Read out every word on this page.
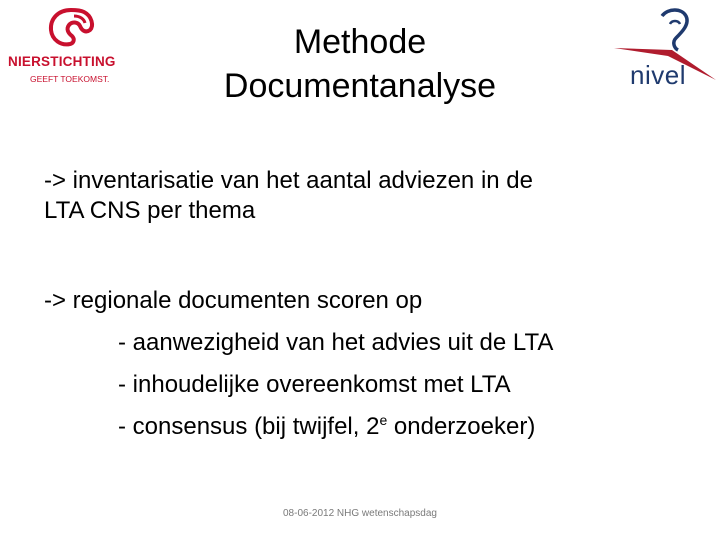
NIERSTICHTING
GEEFT TOEKOMST.	nivel
Methode
Documentanalyse
-> inventarisatie van het aantal adviezen in de
LTA CNS per thema
-> regionale documenten scoren op
- aanwezigheid van het advies uit de LTA
- inhoudelijke overeenkomst met LTA
- consensus (bij twijfel, 2e onderzoeker)
08-06-2012 NHG wetenschapsdag
